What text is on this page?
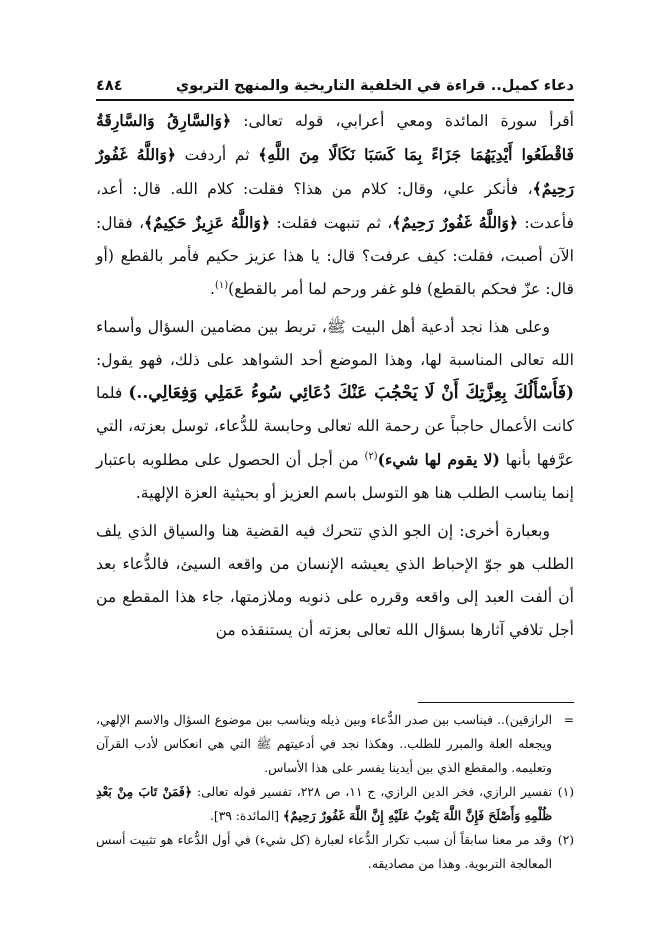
دعاء كميل.. قراءة في الخلفية التاريخية والمنهج التربوي
٤٨٤

أقرأ سورة المائدة ومعي أعرابي، قوله تعالى: ﴿وَالسَّارِقُ وَالسَّارِقَةُ فَاقْطَعُوا أَيْدِيَهُمَا جَزَاءً بِمَا كَسَبَا نَكَالًا مِنَ اللَّهِ﴾ ثم أردفت ﴿وَاللَّهُ غَفُورٌ رَحِيمٌ﴾، فأنكر علي، وقال: كلام من هذا؟ فقلت: كلام الله. قال: أعد، فأعدت: ﴿وَاللَّهُ غَفُورٌ رَحِيمٌ﴾، ثم تنبهت فقلت: ﴿وَاللَّهُ عَزِيزٌ حَكِيمٌ﴾، فقال: الآن أصبت، فقلت: كيف عرفت؟ قال: يا هذا عزيز حكيم فأمر بالقطع (أو قال: عزّ فحكم بالقطع) فلو غفر ورحم لما أمر بالقطع)$^{(١)}$.

وعلى هذا نجد أدعية أهل البيت ﷺ، تربط بين مضامين السؤال وأسماء الله تعالى المناسبة لها، وهذا الموضع أحد الشواهد على ذلك، فهو يقول: (فَأَسْأَلُكَ بِعِزَّتِكَ أَنْ لَا يَحْجُبَ عَنْكَ دُعَائِي سُوءُ عَمَلِي وَفِعَالِي..) فلما كانت الأعمال حاجباً عن رحمة الله تعالى وحابسة للدُّعاء، توسل بعزته، التي عرَّفها بأنها (لا يقوم لها شيء)$^{(٢)}$ من أجل أن الحصول على مطلوبه باعتبار إنما يناسب الطلب هنا هو التوسل باسم العزيز أو بحيثية العزة الإلهية.

وبعبارة أخرى: إن الجو الذي تتحرك فيه القضية هنا والسياق الذي يلف الطلب هو جوّ الإحباط الذي يعيشه الإنسان من واقعه السيئ، فالدُّعاء بعد أن ألفت العبد إلى واقعه وقرره على ذنوبه وملازمتها، جاء هذا المقطع من أجل تلافي آثارها بسؤال الله تعالى بعزته أن يستنقذه من

=
الرازقين).. فيناسب بين صدر الدُّعاء وبين ذيله ويناسب بين موضوع السؤال والاسم الإلهي، ويجعله العلة والمبرر للطلب.. وهكذا نجد في أدعيتهم ﷺ التي هي انعكاس لأدب القرآن وتعليمه. والمقطع الذي بين أيدينا يفسر على هذا الأساس.
(١)
تفسير الرازي، فخر الدين الرازي، ج ١١، ص ٢٢٨، تفسير قوله تعالى: ﴿فَمَنْ تَابَ مِنْ بَعْدِ ظُلْمِهِ وَأَصْلَحَ فَإِنَّ اللَّهَ يَتُوبُ عَلَيْهِ إِنَّ اللَّهَ غَفُورٌ رَحِيمٌ﴾ [المائدة: ٣٩].
(٢)
وقد مر معنا سابقاً أن سبب تكرار الدُّعاء لعبارة (كل شيء) في أول الدُّعاء هو تثبيت أسس المعالجة التربوية. وهذا من مصاديقه.
